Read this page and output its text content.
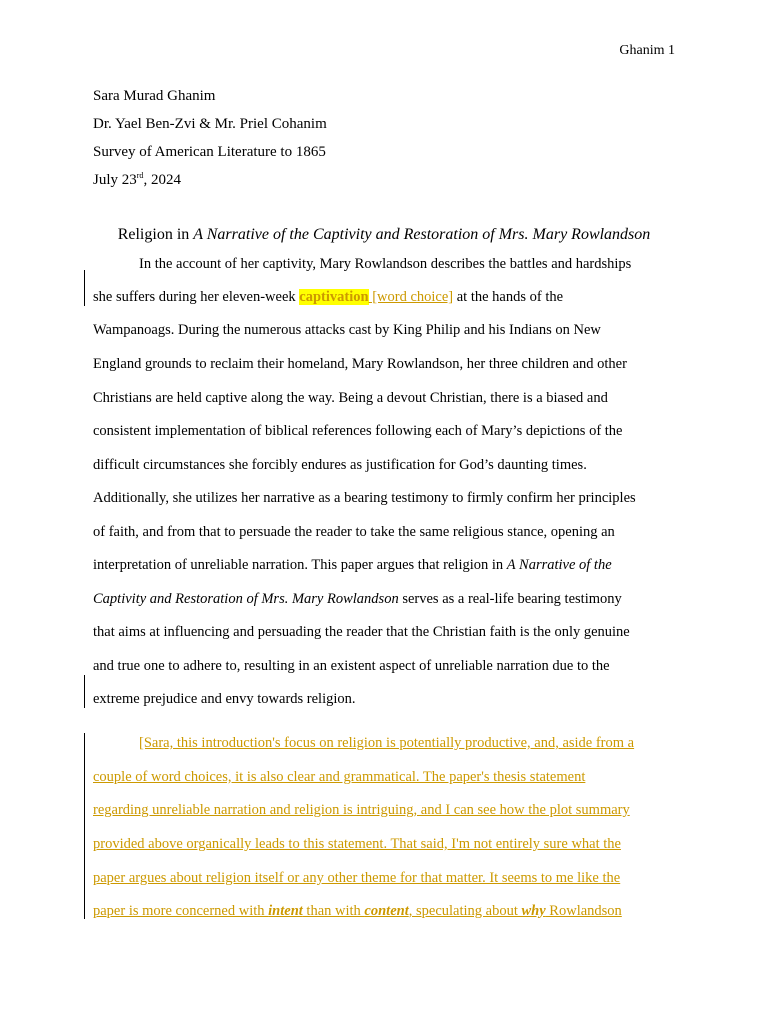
Ghanim 1
Sara Murad Ghanim
Dr. Yael Ben-Zvi & Mr. Priel Cohanim
Survey of American Literature to 1865
July 23rd, 2024
Religion in A Narrative of the Captivity and Restoration of Mrs. Mary Rowlandson
In the account of her captivity, Mary Rowlandson describes the battles and hardships
she suffers during her eleven-week captivation [word choice] at the hands of the
Wampanoags. During the numerous attacks cast by King Philip and his Indians on New
England grounds to reclaim their homeland, Mary Rowlandson, her three children and other
Christians are held captive along the way. Being a devout Christian, there is a biased and
consistent implementation of biblical references following each of Mary’s depictions of the
difficult circumstances she forcibly endures as justification for God’s daunting times.
Additionally, she utilizes her narrative as a bearing testimony to firmly confirm her principles
of faith, and from that to persuade the reader to take the same religious stance, opening an
interpretation of unreliable narration. This paper argues that religion in A Narrative of the
Captivity and Restoration of Mrs. Mary Rowlandson serves as a real-life bearing testimony
that aims at influencing and persuading the reader that the Christian faith is the only genuine
and true one to adhere to, resulting in an existent aspect of unreliable narration due to the
extreme prejudice and envy towards religion.
[Sara, this introduction's focus on religion is potentially productive, and, aside from a
couple of word choices, it is also clear and grammatical. The paper's thesis statement
regarding unreliable narration and religion is intriguing, and I can see how the plot summary
provided above organically leads to this statement. That said, I'm not entirely sure what the
paper argues about religion itself or any other theme for that matter. It seems to me like the
paper is more concerned with intent than with content, speculating about why Rowlandson
